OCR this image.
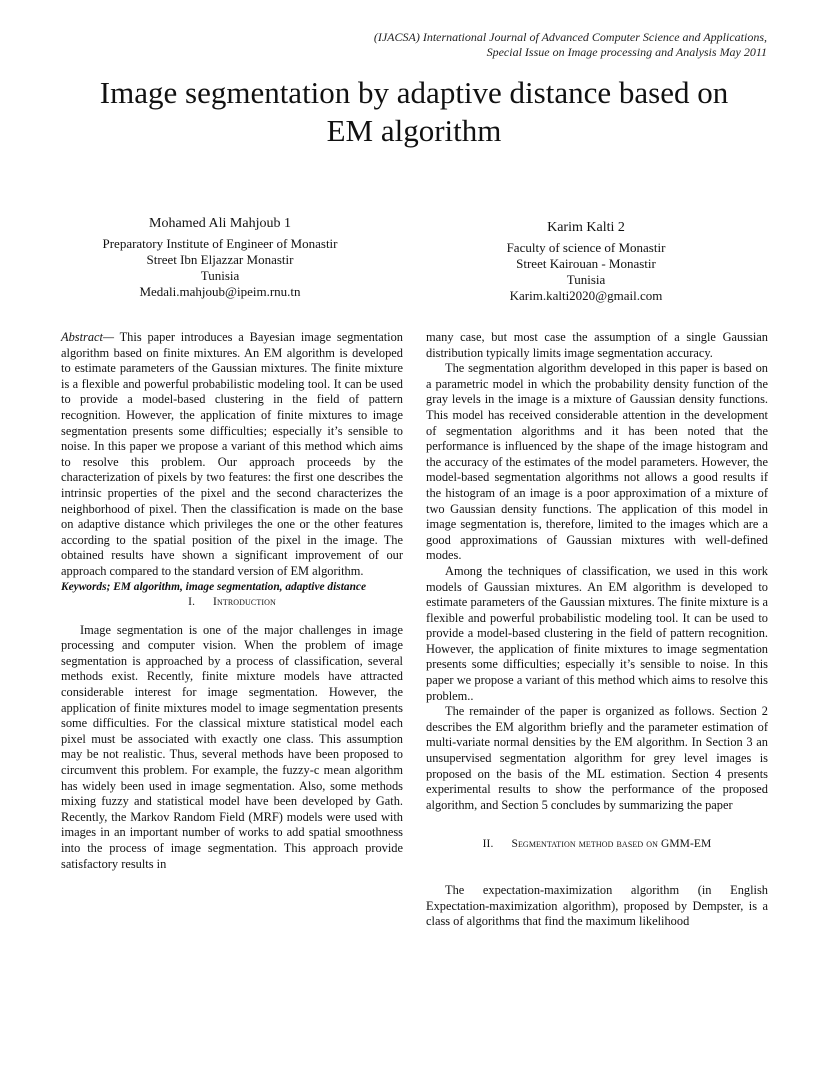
(IJACSA) International Journal of Advanced Computer Science and Applications,
Special Issue on Image processing and Analysis May 2011
Image segmentation by adaptive distance based on
EM algorithm
Mohamed Ali Mahjoub 1
Preparatory Institute of Engineer of Monastir
Street Ibn Eljazzar Monastir
Tunisia
Medali.mahjoub@ipeim.rnu.tn
Karim Kalti 2
Faculty of science of Monastir
Street Kairouan - Monastir
Tunisia
Karim.kalti2020@gmail.com

Abstract— This paper introduces a Bayesian image segmentation algorithm based on finite mixtures. An EM algorithm is developed to estimate parameters of the Gaussian mixtures. The finite mixture is a flexible and powerful probabilistic modeling tool. It can be used to provide a model-based clustering in the field of pattern recognition. However, the application of finite mixtures to image segmentation presents some difficulties; especially it’s sensible to noise. In this paper we propose a variant of this method which aims to resolve this problem. Our approach proceeds by the characterization of pixels by two features: the first one describes the intrinsic properties of the pixel and the second characterizes the neighborhood of pixel. Then the classification is made on the base on adaptive distance which privileges the one or the other features according to the spatial position of the pixel in the image. The obtained results have shown a significant improvement of our approach compared to the standard version of EM algorithm.

Keywords; EM algorithm, image segmentation, adaptive distance

I. Introduction

Image segmentation is one of the major challenges in image processing and computer vision. When the problem of image segmentation is approached by a process of classification, several methods exist. Recently, finite mixture models have attracted considerable interest for image segmentation. However, the application of finite mixtures model to image segmentation presents some difficulties. For the classical mixture statistical model each pixel must be associated with exactly one class. This assumption may be not realistic. Thus, several methods have been proposed to circumvent this problem. For example, the fuzzy-c mean algorithm has widely been used in image segmentation. Also, some methods mixing fuzzy and statistical model have been developed by Gath. Recently, the Markov Random Field (MRF) models were used with images in an important number of works to add spatial smoothness into the process of image segmentation. This approach provide satisfactory results in

many case, but most case the assumption of a single Gaussian distribution typically limits image segmentation accuracy.

The segmentation algorithm developed in this paper is based on a parametric model in which the probability density function of the gray levels in the image is a mixture of Gaussian density functions. This model has received considerable attention in the development of segmentation algorithms and it has been noted that the performance is influenced by the shape of the image histogram and the accuracy of the estimates of the model parameters. However, the model-based segmentation algorithms not allows a good results if the histogram of an image is a poor approximation of a mixture of two Gaussian density functions. The application of this model in image segmentation is, therefore, limited to the images which are a good approximations of Gaussian mixtures with well-defined modes.

Among the techniques of classification, we used in this work models of Gaussian mixtures. An EM algorithm is developed to estimate parameters of the Gaussian mixtures. The finite mixture is a flexible and powerful probabilistic modeling tool. It can be used to provide a model-based clustering in the field of pattern recognition. However, the application of finite mixtures to image segmentation presents some difficulties; especially it’s sensible to noise. In this paper we propose a variant of this method which aims to resolve this problem..

The remainder of the paper is organized as follows. Section 2 describes the EM algorithm briefly and the parameter estimation of multi-variate normal densities by the EM algorithm. In Section 3 an unsupervised segmentation algorithm for grey level images is proposed on the basis of the ML estimation. Section 4 presents experimental results to show the performance of the proposed algorithm, and Section 5 concludes by summarizing the paper

II. Segmentation method based on GMM-EM

The expectation-maximization algorithm (in English Expectation-maximization algorithm), proposed by Dempster, is a class of algorithms that find the maximum likelihood
